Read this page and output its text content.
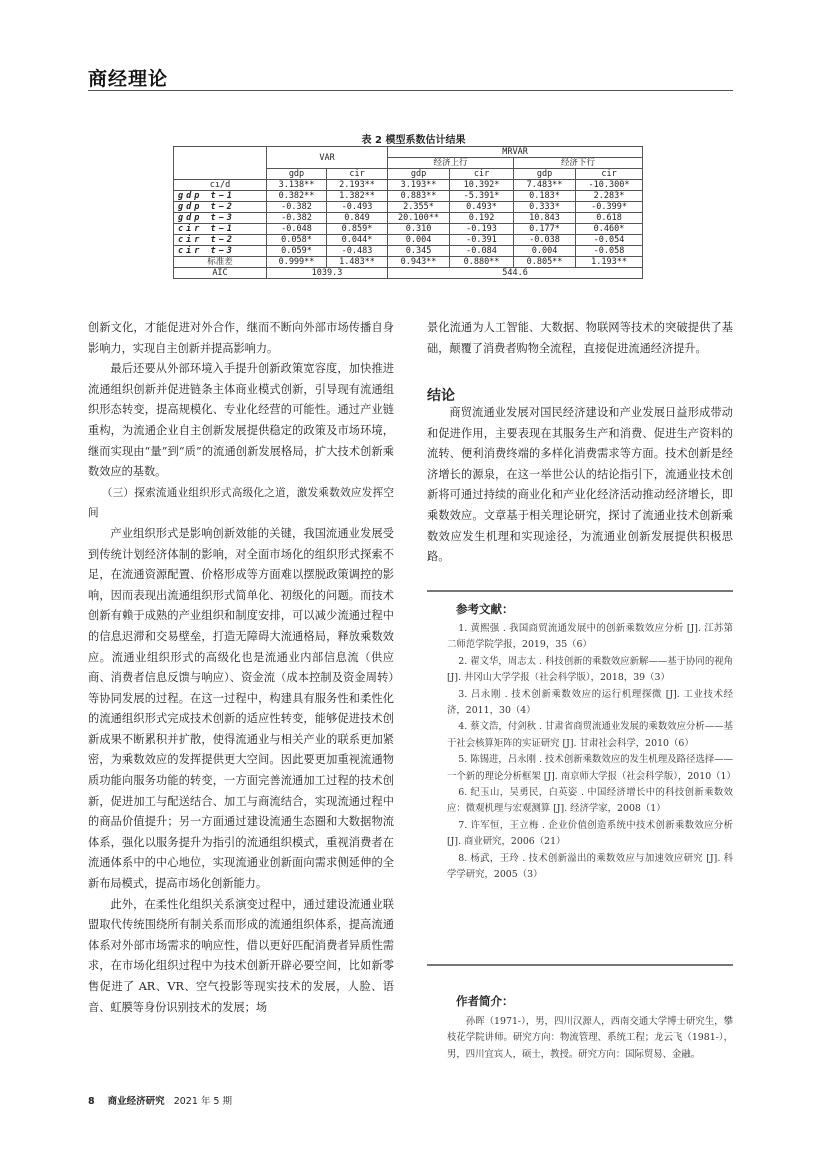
商经理论
表 2 模型系数估计结果
	VAR		MRVAR			
			经济上行		经济下行	
	gdp	cir	gdp	cir	gdp	cir
cı/d	3.138**	2.193**	3.193**	10.392*	7.483**	-10.300*
gdp t−1	0.382**	1.382**	0.883**	-5.391*	0.183*	2.283*
gdp t−2	-0.382	-0.493	2.355*	0.493*	0.333*	-0.399*
gdp t−3	-0.382	0.849	20.100**	0.192	10.843	0.618
cir t−1	-0.048	0.859*	0.310	-0.193	0.177*	0.460*
cir t−2	0.058*	0.044*	0.004	-0.391	-0.038	-0.054
cir t−3	0.059*	-0.483	0.345	-0.084	0.004	-0.058
标准差	0.999**	1.483**	0.943**	0.880**	0.805**	1.193**
AIC	1039.3		544.6			

创新文化，才能促进对外合作，继而不断向外部市场传播自身影响力，实现自主创新并提高影响力。

最后还要从外部环境入手提升创新政策宽容度，加快推进流通组织创新并促进链条主体商业模式创新，引导现有流通组织形态转变，提高规模化、专业化经营的可能性。通过产业链重构，为流通企业自主创新发展提供稳定的政策及市场环境，继而实现由“量”到“质”的流通创新发展格局，扩大技术创新乘数效应的基数。

（三）探索流通业组织形式高级化之道，激发乘数效应发挥空间

产业组织形式是影响创新效能的关键，我国流通业发展受到传统计划经济体制的影响，对全面市场化的组织形式探索不足，在流通资源配置、价格形成等方面难以摆脱政策调控的影响，因而表现出流通组织形式简单化、初级化的问题。而技术创新有赖于成熟的产业组织和制度安排，可以减少流通过程中的信息迟滞和交易壁垒，打造无障碍大流通格局，释放乘数效应。流通业组织形式的高级化也是流通业内部信息流（供应商、消费者信息反馈与响应）、资金流（成本控制及资金周转）等协同发展的过程。在这一过程中，构建具有服务性和柔性化的流通组织形式完成技术创新的适应性转变，能够促进技术创新成果不断累积并扩散，使得流通业与相关产业的联系更加紧密，为乘数效应的发挥提供更大空间。因此要更加重视流通物质功能向服务功能的转变，一方面完善流通加工过程的技术创新，促进加工与配送结合、加工与商流结合，实现流通过程中的商品价值提升；另一方面通过建设流通生态圈和大数据物流体系，强化以服务提升为指引的流通组织模式，重视消费者在流通体系中的中心地位，实现流通业创新面向需求侧延伸的全新布局模式，提高市场化创新能力。

此外，在柔性化组织关系演变过程中，通过建设流通业联盟取代传统围绕所有制关系而形成的流通组织体系，提高流通体系对外部市场需求的响应性，借以更好匹配消费者异质性需求，在市场化组织过程中为技术创新开辟必要空间，比如新零售促进了 AR、VR、空气投影等现实技术的发展，人脸、语音、虹膜等身份识别技术的发展；场

景化流通为人工智能、大数据、物联网等技术的突破提供了基础，颠覆了消费者购物全流程，直接促进流通经济提升。

结论

商贸流通业发展对国民经济建设和产业发展日益形成带动和促进作用，主要表现在其服务生产和消费、促进生产资料的流转、便利消费终端的多样化消费需求等方面。技术创新是经济增长的源泉，在这一举世公认的结论指引下，流通业技术创新将可通过持续的商业化和产业化经济活动推动经济增长，即乘数效应。文章基于相关理论研究，探讨了流通业技术创新乘数效应发生机理和实现途径，为流通业创新发展提供积极思路。

参考文献：

1. 黄熙强 . 我国商贸流通发展中的创新乘数效应分析 [J]. 江苏第二师范学院学报，2019，35（6）

2. 翟文华，周志太 . 科技创新的乘数效应新解——基于协同的视角 [J]. 井冈山大学学报（社会科学版），2018，39（3）

3. 吕永刚 . 技术创新乘数效应的运行机理探微 [J]. 工业技术经济，2011，30（4）

4. 蔡文浩，付剑秋 . 甘肃省商贸流通业发展的乘数效应分析——基于社会核算矩阵的实证研究 [J]. 甘肃社会科学，2010（6）

5. 陈锡进，吕永刚 . 技术创新乘数效应的发生机理及路径选择——一个新的理论分析框架 [J]. 南京师大学报（社会科学版），2010（1）

6. 纪玉山，吴勇民，白英姿 . 中国经济增长中的科技创新乘数效应：微观机理与宏观测算 [J]. 经济学家，2008（1）

7. 许军恒，王立梅 . 企业价值创造系统中技术创新乘数效应分析 [J]. 商业研究，2006（21）

8. 杨武，王玲 . 技术创新溢出的乘数效应与加速效应研究 [J]. 科学学研究，2005（3）

作者简介：

孙晖（1971-），男，四川汉源人，西南交通大学博士研究生，攀枝花学院讲师。研究方向：物流管理、系统工程；龙云飞（1981-），男，四川宜宾人，硕士，教授。研究方向：国际贸易、金融。

8 商业经济研究 2021 年 5 期
